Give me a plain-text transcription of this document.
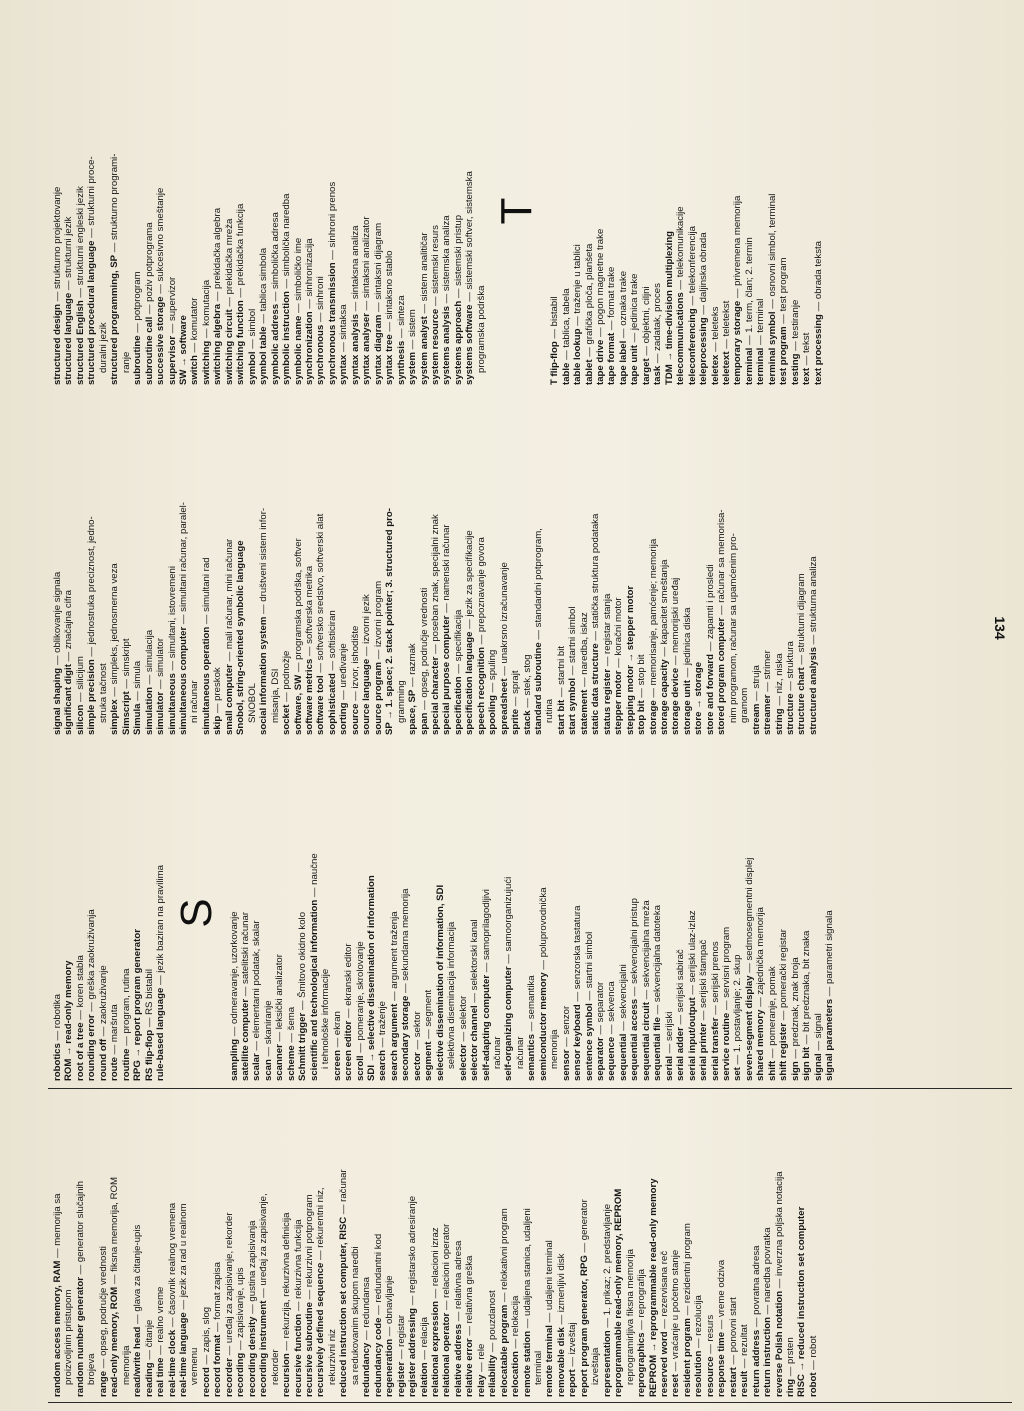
random access memory, RAM — memorija sa
proizvoljnim pristupom random number generator — generator slučajnih
brojeva range — opseg, područje vrednosti read-only memory, ROM — fiksna memorija, ROM
memorija read/write head — glava za čitanje-upis
reading — čitanje
real time — realno vreme
real-time clock — časovnik realnog vremena
real-time language — jezik za rad u realnom
vremenu record — zapis, slog
record format — format zapisa
recorder — uređaj za zapisivanje, rekorder
recording — zapisivanje, upis
recording density — gustina zapisivanja
recording instrument — uređaj za zapisivanje,
rekorder recursion — rekurzija, rekurzivna definicija
recursive function — rekurzivna funkcija
recursive subroutine — rekurzivni potprogram
recursively defined sequence — rekurentni niz,
rekurzivni niz reduced instruction set computer, RISC — računar
sa redukovanim skupom naredbi redundancy — redundansa
redundancy code — redundantni kod
regeneration — obnavljanje
register — registar register addressing — registarsko adresiranje
relation — relacija relational expression — relacioni izraz
relational operator — relacioni operator
relative address — relativna adresa
relative error — relativna greška
relay — rele
reliability — pouzdanost relocatable program — relokativni program
relocation — relokacija
remote station — udaljena stanica, udaljeni
terminal remote terminal — udaljeni terminal
removable disk — izmenljivi disk
report — izveštaj report program generator, RPG — generator
izveštaja representation — 1. prikaz; 2. predstavljanje reprogrammable read-only memory, REPROM reprogramirljiva fiksna memorija reprographics — reprografija REPROM → reprogrammable read-only memory reserved word — rezervisana reč
reset — vraćanje u početno stanje resident program — rezidentni program
resolution — rezolucija
resource — resurs
response time — vreme odziva
restart — ponovni start
result — rezultat return address — povratna adresa
return instruction — naredba povratka
reverse Polish notation — inverzna poljska notacija
ring — prsten RISC → reduced instruction set computer robot — robot
robotics — robotika ROM → read-only memory root of a tree — koren stabla
rounding error — greška zaokruživanja
round off — zaokruživanje
route — maršruta
routine — program, rutina RPG → report program generator RS flip-flop — RS bistabil rule-based language — jezik baziran na pravilima S
sampling — odmeravanje, uzorkovanje
satellite computer — satelitski računar
scalar — elementarni podatak, skalar
scan — skaniranje
scanner — leksički analizator
scheme — šema Schmitt trigger — Šmitovo okidno kolo scientific and technological information — naučne
i tehnološke informacije screen — ekran screen editor — ekranski editor
scroll — pomeranje, skrolovanje SDI → selective dissemination of information search — traženje search argument — argument traženja
secondary storage — sekundarna memorija
sector — sektor
segment — segment selective dissemination of information, SDI selektivna diseminacija informacija selector — selektor selector channel — selektorski kanal
self-adapting computer — samoprilagodljivi
računar self-organizing computer — samoorganizujući
računar semantics — semantika semiconductor memory — poluprovodnička
memorija sensor — senzor sensor keyboard — senzorska tastatura
sentence symbol — startni simbol
separator — separator
sequence — sekvenca
sequential — sekvencijalni
sequential access — sekvencijalni pristup
sequential circuit — sekvencijalna mreža
sequential file — sekvencijalna datoteka
serial — serijski
serial adder — serijski sabirač
serial input/output — serijski ulaz-izlaz
serial printer — serijski štampač
serial transfer — serijski prenos
service routine — servisni program
set — 1. postavljanje; 2. skup seven-segment display — sedmosegmentni displej
shared memory — zajednička memorija
shift — pomeranje, pomak
shift register — pomerački registar
sign — predznak, znak broja
sign bit — bit predznaka, bit znaka
signal — signal signal parameters — parametri signala
signal shaping — oblikovanje signala
significant digit — značajna cifra
silicon — silicijum simple precision — jednostruka preciznost, jedno-
struka tačnost simplex — simpleks, jednosmerna veza
Simscript — simskript
Simula — simula
simulation — simulacija
simulator — simulator
simultaneous — simultani, istovremeni
simultaneous computer — simultani računar, paralel-
ni računar simultaneous operation — simultani rad
skip — preskok small computer — mali računar, mini računar Snobol, string-oriented symbolic language SNOBOL social information system — društveni sistem infor-
misanja, DSI socket — podnožje
software, SW — programska podrška, softver
software metrics — softverska metrika
software tool — softversko sredstvo, softverski alat
sophisticated — softisticiran
sorting — uređivanje
source — izvor, ishodište
source language — izvorni jezik
source program — izvorni program SP → 1. space; 2. stack pointer; 3. structured pro- gramming space, SP — razmak
span — opseg, područje vrednosti special character — poseban znak, specijalni znak
special purpose computer — namenski računar
specification — specifikacija specification language — jezik za specifikacije
speech recognition — prepoznavanje govora
spooling — spuling
spreadsheet — unakrsno izračunavanje
sprite — sprajt
stack — stek, stog standard subroutine — standardni potprogram,
rutina start bit — startni bit
start symbol — startni simbol
statement — naredba, iskaz static data structure — statička struktura podataka
status register — registar stanja
stepper motor — koračni motor stepping motor → stepper motor stop bit — stop bit
storage — memorisanje, pamćenje; memorija
storage capacity — kapacitet smeštanja
storage device — memorijski uređaj
storage unit — jedinica diska
store → storage store and forward — zapamti i prosledi
stored program computer — računar sa memorisa- nim programom, računar sa upamćenim pro- gramom stream — struja
streamer — strimer
string — niz, niska
structure — struktura
structure chart — strukturni dijagram
structured analysis — strukturna analiza
structured design — strukturno projektovanje
structured language — strukturni jezik
structured English — strukturni engleski jezik
structured procedural language — strukturni proce-
duralni jezik structured programming, SP — strukturno programi-
ranje subroutine — potprogram
subroutine call — poziv potprograma
successive storage — sukcesivno smeštanje
supervisor — supervizor
SW → software switch — komutator
switching — komutacija
switching algebra — prekidačka algebra
switching circuit — prekidačka mreža
switching function — prekidačka funkcija
symbol — simbol
symbol table — tablica simbola
symbolic address — simbolička adresa
symbolic instruction — simbolička naredba
symbolic name — simboličko ime
synchronization — sinhronizacija
synchronous — sinhroni synchronous transmission — sinhroni prenos
syntax — sintaksa syntax analysis — sintaksna analiza
syntax analyser — sintaksni analizator
syntax diagram — sintaksni dijagram
syntax tree — sintaksno stablo
synthesis — sinteza
system — sistem system analyst — sistem analitičar
system resource — sistemski resurs
systems analysis — sistemska analiza
systems approach — sistemski pristup
systems software — sistemski softver, sistemska
programska podrška
T
T flip-flop — bistabil
table — tablica, tabela
table lookup — traženje u tablici
tablet — grafička ploča, planšeta
tape drive — pogon magnetne trake
tape format — format trake
tape label — oznaka trake
tape unit — jedinica trake
target — objektni, ciljni
task — zadatak, proces TDM → time-division multiplexing telecommunications — telekomunikacije
teleconferencing — telekonferencija
teleprocessing — daljinska obrada
teletex — teleteks
teletext — teletekst temporary storage — privremena memorija
terminal — 1. term, član; 2. termin
terminal — terminal terminal symbol — osnovni simbol, terminal
test program — test program
testing — testiranje
text — tekst text processing — obrada teksta
134
